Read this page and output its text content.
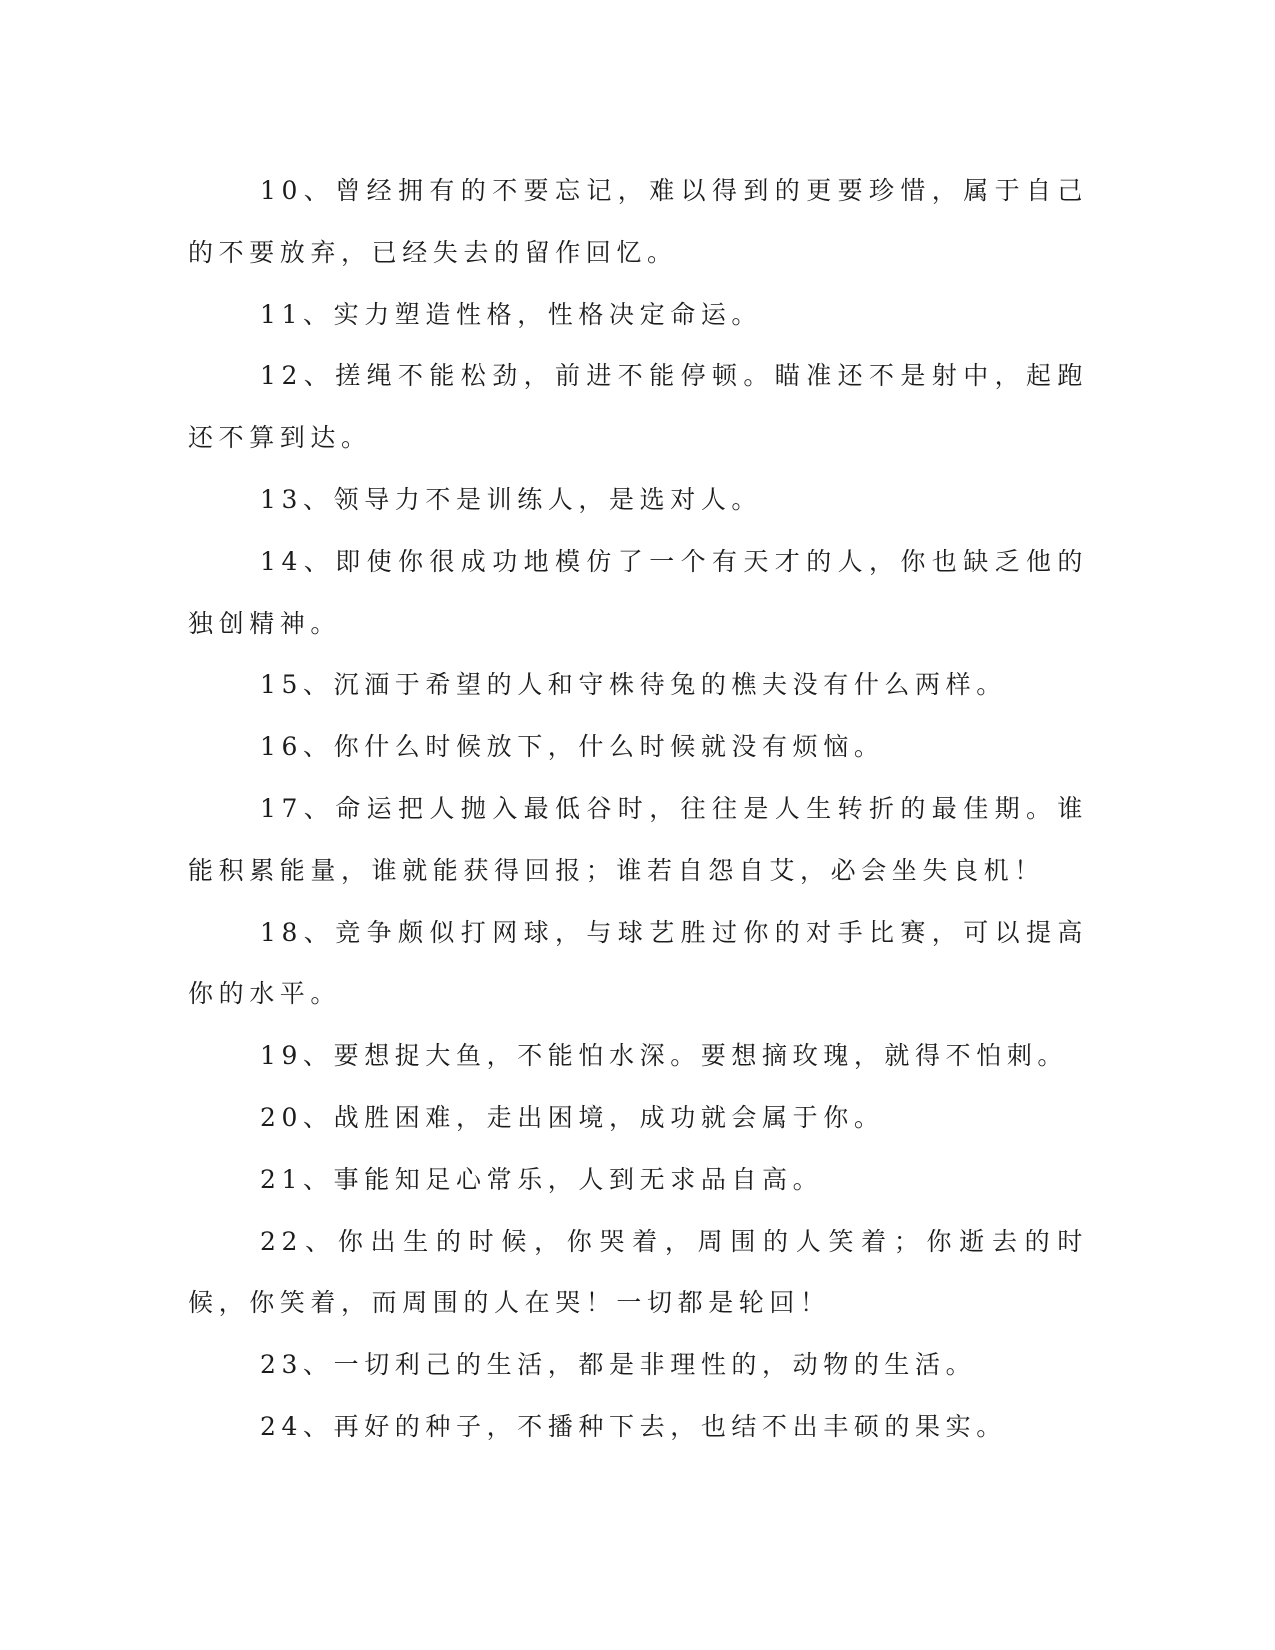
10、曾经拥有的不要忘记，难以得到的更要珍惜，属于自己的不要放弃，已经失去的留作回忆。

11、实力塑造性格，性格决定命运。

12、搓绳不能松劲，前进不能停顿。瞄准还不是射中，起跑还不算到达。

13、领导力不是训练人，是选对人。

14、即使你很成功地模仿了一个有天才的人，你也缺乏他的独创精神。

15、沉湎于希望的人和守株待兔的樵夫没有什么两样。

16、你什么时候放下，什么时候就没有烦恼。

17、命运把人抛入最低谷时，往往是人生转折的最佳期。谁能积累能量，谁就能获得回报；谁若自怨自艾，必会坐失良机！

18、竞争颇似打网球，与球艺胜过你的对手比赛，可以提高你的水平。

19、要想捉大鱼，不能怕水深。要想摘玫瑰，就得不怕刺。

20、战胜困难，走出困境，成功就会属于你。

21、事能知足心常乐，人到无求品自高。

22、你出生的时候，你哭着，周围的人笑着；你逝去的时候，你笑着，而周围的人在哭！一切都是轮回！

23、一切利己的生活，都是非理性的，动物的生活。

24、再好的种子，不播种下去，也结不出丰硕的果实。
